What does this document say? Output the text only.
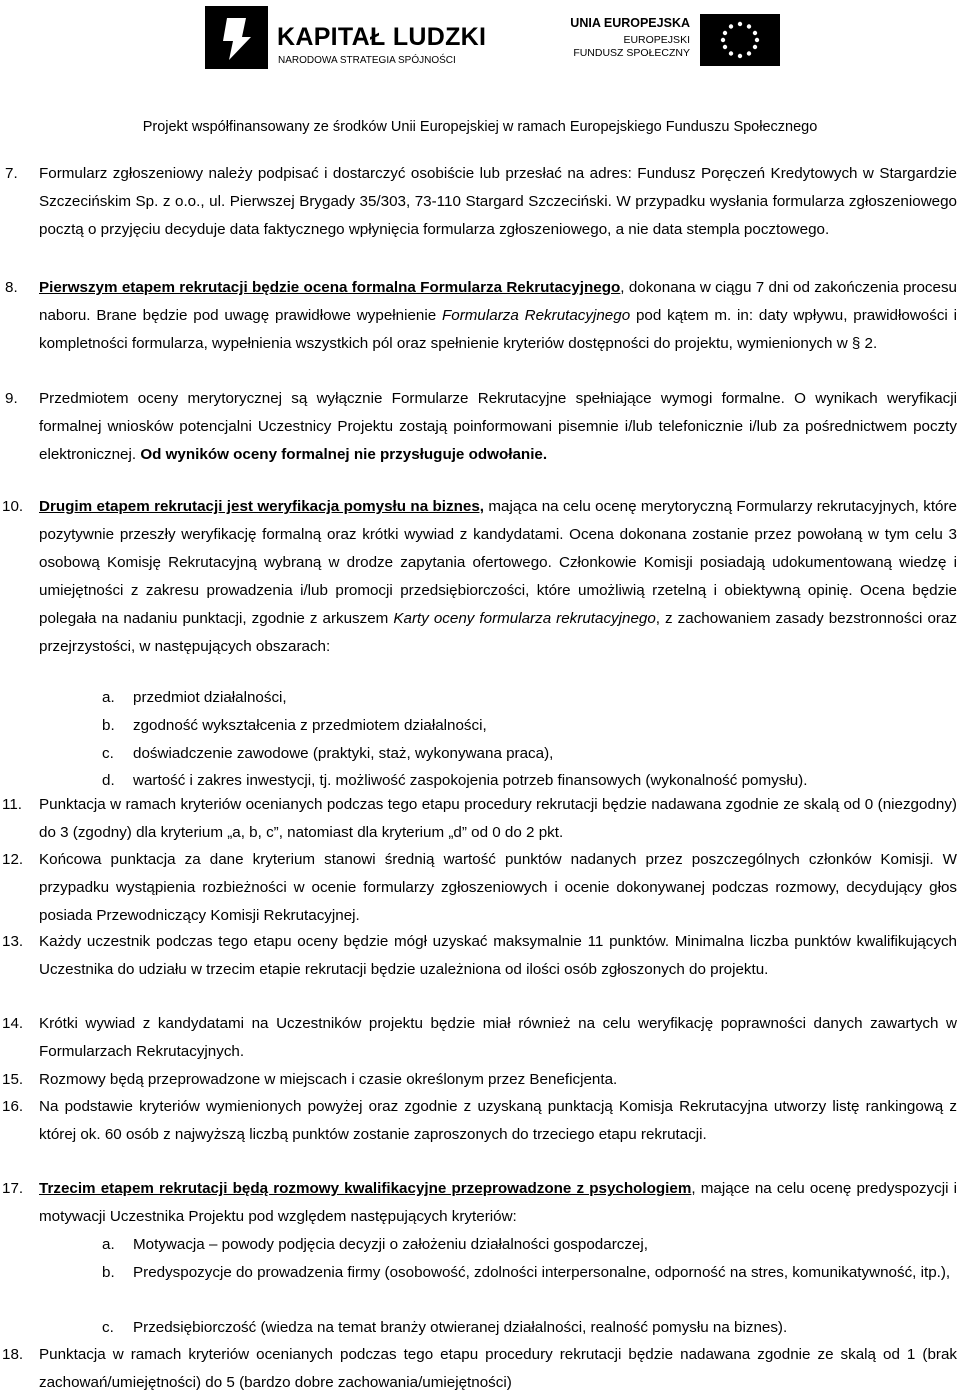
KAPITAŁ LUDZKI
NARODOWA STRATEGIA SPÓJNOŚCI
UNIA EUROPEJSKA
EUROPEJSKI
FUNDUSZ SPOŁECZNY
Projekt współfinansowany ze środków Unii Europejskiej w ramach Europejskiego Funduszu Społecznego
7. Formularz zgłoszeniowy należy podpisać i dostarczyć osobiście lub przesłać na adres: Fundusz Poręczeń Kredytowych w Stargardzie Szczecińskim Sp. z o.o., ul. Pierwszej Brygady 35/303, 73-110 Stargard Szczeciński. W przypadku wysłania formularza zgłoszeniowego pocztą o przyjęciu decyduje data faktycznego wpłynięcia formularza zgłoszeniowego, a nie data stempla pocztowego.
8. Pierwszym etapem rekrutacji będzie ocena formalna Formularza Rekrutacyjnego, dokonana w ciągu 7 dni od zakończenia procesu naboru. Brane będzie pod uwagę prawidłowe wypełnienie Formularza Rekrutacyjnego pod kątem m. in: daty wpływu, prawidłowości i kompletności formularza, wypełnienia wszystkich pól oraz spełnienie kryteriów dostępności do projektu, wymienionych w § 2.
9. Przedmiotem oceny merytorycznej są wyłącznie Formularze Rekrutacyjne spełniające wymogi formalne. O wynikach weryfikacji formalnej wniosków potencjalni Uczestnicy Projektu zostają poinformowani pisemnie i/lub telefonicznie i/lub za pośrednictwem poczty elektronicznej. Od wyników oceny formalnej nie przysługuje odwołanie.
10. Drugim etapem rekrutacji jest weryfikacja pomysłu na biznes, mająca na celu ocenę merytoryczną Formularzy rekrutacyjnych, które pozytywnie przeszły weryfikację formalną oraz krótki wywiad z kandydatami. Ocena dokonana zostanie przez powołaną w tym celu 3 osobową Komisję Rekrutacyjną wybraną w drodze zapytania ofertowego. Członkowie Komisji posiadają udokumentowaną wiedzę i umiejętności z zakresu prowadzenia i/lub promocji przedsiębiorczości, które umożliwią rzetelną i obiektywną opinię. Ocena będzie polegała na nadaniu punktacji, zgodnie z arkuszem Karty oceny formularza rekrutacyjnego, z zachowaniem zasady bezstronności oraz przejrzystości, w następujących obszarach:
a. przedmiot działalności,
b. zgodność wykształcenia z przedmiotem działalności,
c. doświadczenie zawodowe (praktyki, staż, wykonywana praca),
d. wartość i zakres inwestycji, tj. możliwość zaspokojenia potrzeb finansowych (wykonalność pomysłu).
11. Punktacja w ramach kryteriów ocenianych podczas tego etapu procedury rekrutacji będzie nadawana zgodnie ze skalą od 0 (niezgodny) do 3 (zgodny) dla kryterium „a, b, c”, natomiast dla kryterium „d” od 0 do 2 pkt.
12. Końcowa punktacja za dane kryterium stanowi średnią wartość punktów nadanych przez poszczególnych członków Komisji. W przypadku wystąpienia rozbieżności w ocenie formularzy zgłoszeniowych i ocenie dokonywanej podczas rozmowy, decydujący głos posiada Przewodniczący Komisji Rekrutacyjnej.
13. Każdy uczestnik podczas tego etapu oceny będzie mógł uzyskać maksymalnie 11 punktów. Minimalna liczba punktów kwalifikujących Uczestnika do udziału w trzecim etapie rekrutacji będzie uzależniona od ilości osób zgłoszonych do projektu.
14. Krótki wywiad z kandydatami na Uczestników projektu będzie miał również na celu weryfikację poprawności danych zawartych w Formularzach Rekrutacyjnych.
15. Rozmowy będą przeprowadzone w miejscach i czasie określonym przez Beneficjenta.
16. Na podstawie kryteriów wymienionych powyżej oraz zgodnie z uzyskaną punktacją Komisja Rekrutacyjna utworzy listę rankingową z której ok. 60 osób z najwyższą liczbą punktów zostanie zaproszonych do trzeciego etapu rekrutacji.
17. Trzecim etapem rekrutacji będą rozmowy kwalifikacyjne przeprowadzone z psychologiem, mające na celu ocenę predyspozycji i motywacji Uczestnika Projektu pod względem następujących kryteriów:
a. Motywacja – powody podjęcia decyzji o założeniu działalności gospodarczej,
b. Predyspozycje do prowadzenia firmy (osobowość, zdolności interpersonalne, odporność na stres, komunikatywność, itp.),
c. Przedsiębiorczość (wiedza na temat branży otwieranej działalności, realność pomysłu na biznes).
18. Punktacja w ramach kryteriów ocenianych podczas tego etapu procedury rekrutacji będzie nadawana zgodnie ze skalą od 1 (brak zachowań/umiejętności) do 5 (bardzo dobre zachowania/umiejętności)
